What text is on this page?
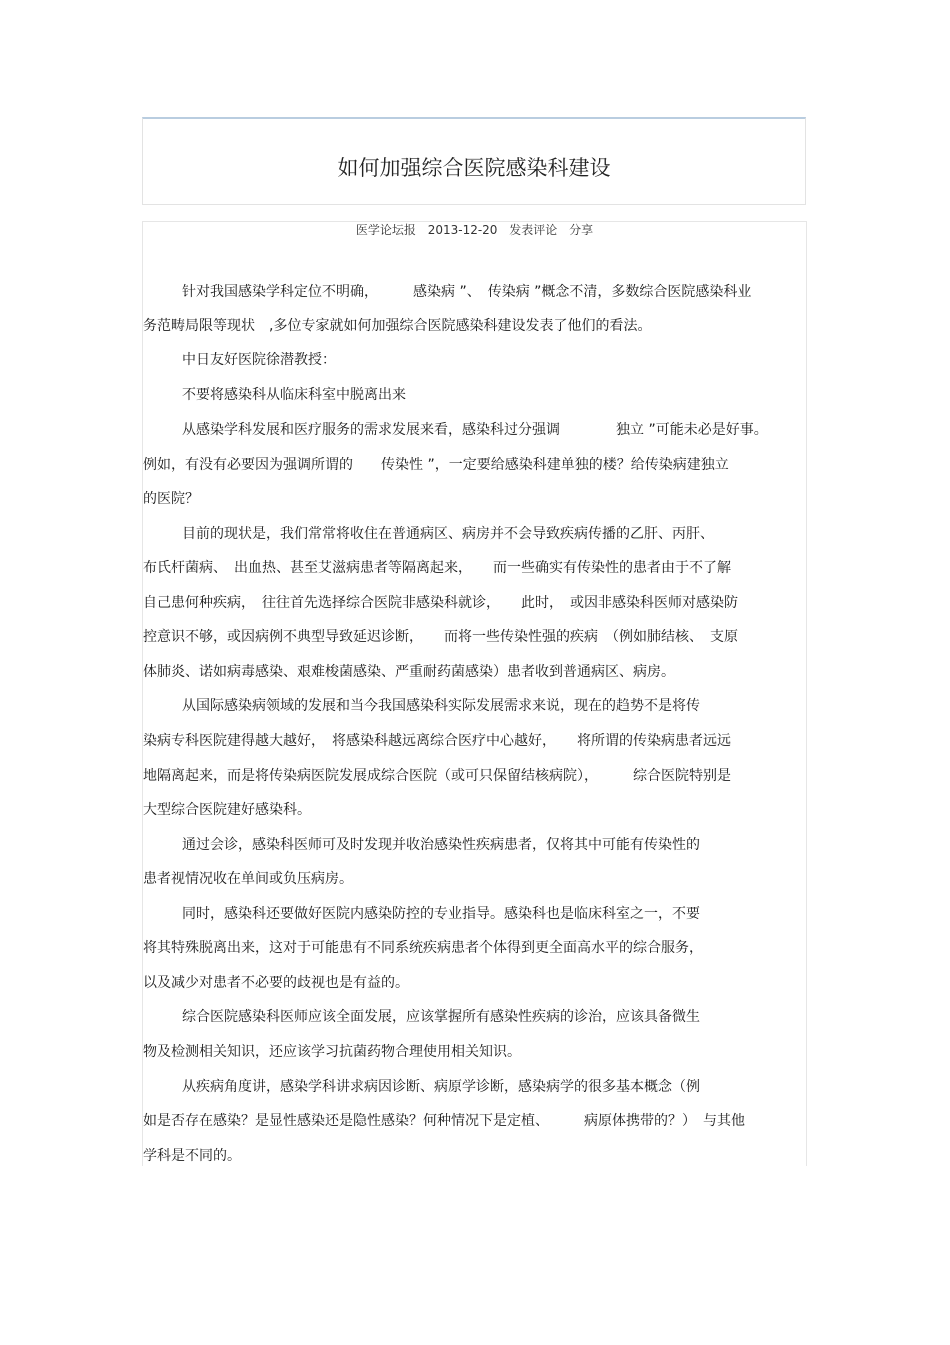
如何加强综合医院感染科建设
医学论坛报 2013-12-20 发表评论 分享
针对我国感染学科定位不明确，　　　感染病 ”、　传染病 ”概念不清，多数综合医院感染科业
务范畴局限等现状　,多位专家就如何加强综合医院感染科建设发表了他们的看法。
中日友好医院徐潜教授：
不要将感染科从临床科室中脱离出来
从感染学科发展和医疗服务的需求发展来看，感染科过分强调　　　　独立 ”可能未必是好事。
例如，有没有必要因为强调所谓的　　传染性 ”，一定要给感染科建单独的楼？给传染病建独立
的医院？
目前的现状是，我们常常将收住在普通病区、病房并不会导致疾病传播的乙肝、丙肝、
布氏杆菌病、　出血热、甚至艾滋病患者等隔离起来，　　而一些确实有传染性的患者由于不了解
自己患何种疾病，　往往首先选择综合医院非感染科就诊，　　此时，　或因非感染科医师对感染防
控意识不够，或因病例不典型导致延迟诊断，　　而将一些传染性强的疾病　（例如肺结核、　支原
体肺炎、诺如病毒感染、艰难梭菌感染、严重耐药菌感染）患者收到普通病区、病房。
从国际感染病领域的发展和当今我国感染科实际发展需求来说，现在的趋势不是将传
染病专科医院建得越大越好，　将感染科越远离综合医疗中心越好，　　将所谓的传染病患者远远
地隔离起来，而是将传染病医院发展成综合医院（或可只保留结核病院），　　　综合医院特别是
大型综合医院建好感染科。
通过会诊，感染科医师可及时发现并收治感染性疾病患者，仅将其中可能有传染性的
患者视情况收在单间或负压病房。
同时，感染科还要做好医院内感染防控的专业指导。感染科也是临床科室之一，不要
将其特殊脱离出来，这对于可能患有不同系统疾病患者个体得到更全面高水平的综合服务，
以及减少对患者不必要的歧视也是有益的。
综合医院感染科医师应该全面发展，应该掌握所有感染性疾病的诊治，应该具备微生
物及检测相关知识，还应该学习抗菌药物合理使用相关知识。
从疾病角度讲，感染学科讲求病因诊断、病原学诊断，感染病学的很多基本概念（例
如是否存在感染？是显性感染还是隐性感染？何种情况下是定植、　　　病原体携带的？）　与其他
学科是不同的。
